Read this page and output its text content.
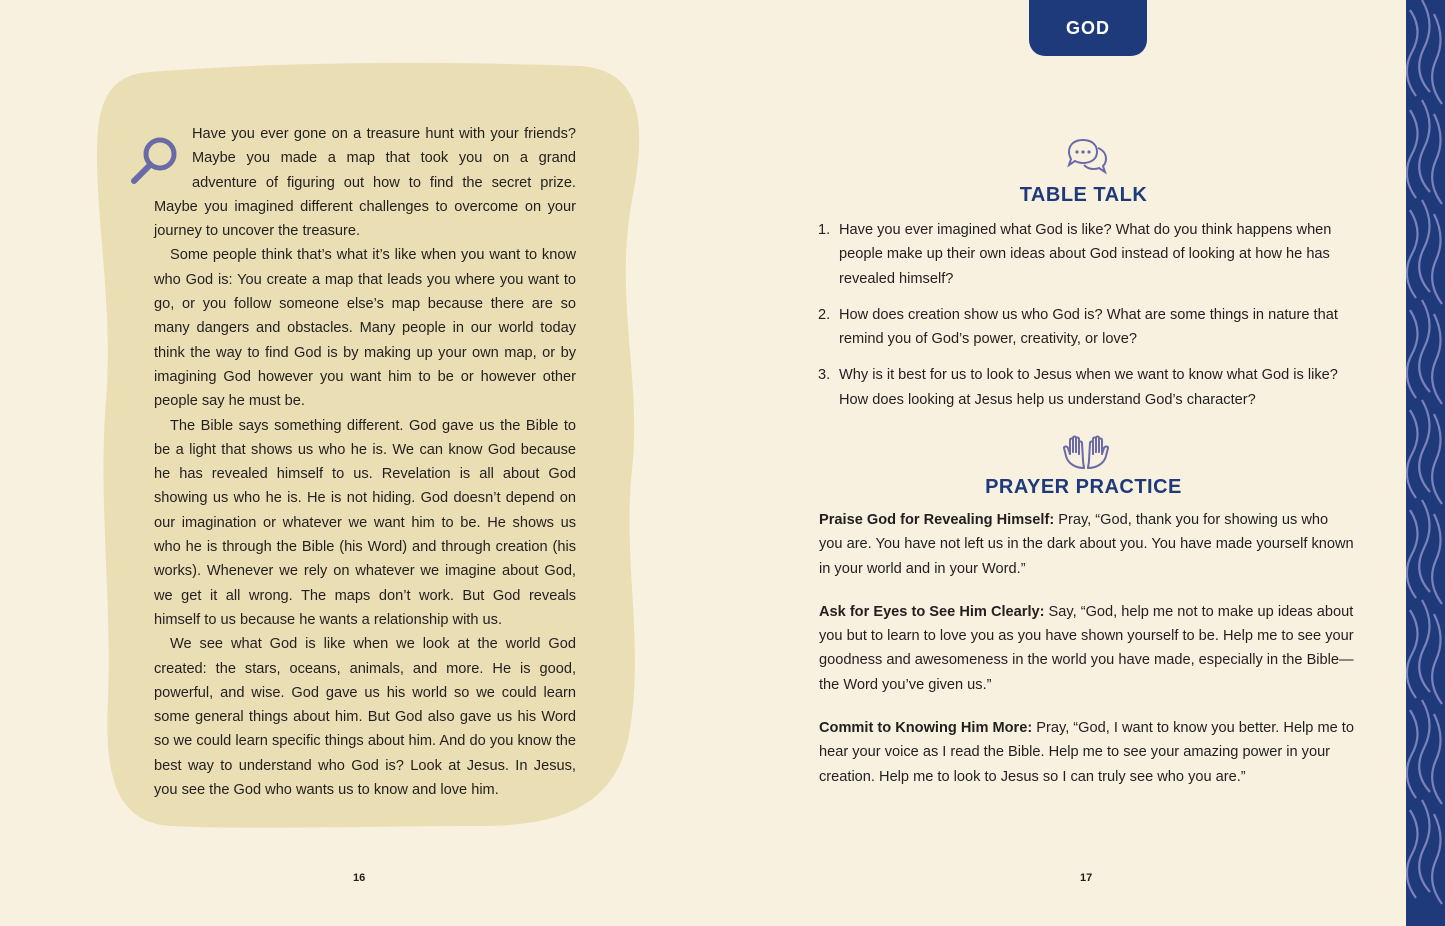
Have you ever gone on a treasure hunt with your friends? Maybe you made a map that took you on a grand adventure of figuring out how to find the secret prize. Maybe you imagined different challenges to overcome on your journey to uncover the treasure.

Some people think that’s what it’s like when you want to know who God is: You create a map that leads you where you want to go, or you follow someone else’s map because there are so many dangers and obstacles. Many people in our world today think the way to find God is by making up your own map, or by imagining God however you want him to be or however other people say he must be.

The Bible says something different. God gave us the Bible to be a light that shows us who he is. We can know God because he has revealed himself to us. Revelation is all about God showing us who he is. He is not hiding. God doesn’t depend on our imagination or whatever we want him to be. He shows us who he is through the Bible (his Word) and through creation (his works). Whenever we rely on whatever we imagine about God, we get it all wrong. The maps don’t work. But God reveals himself to us because he wants a relationship with us.

We see what God is like when we look at the world God created: the stars, oceans, animals, and more. He is good, powerful, and wise. God gave us his world so we could learn some general things about him. But God also gave us his Word so we could learn specific things about him. And do you know the best way to understand who God is? Look at Jesus. In Jesus, you see the God who wants us to know and love him.

16
GOD
TABLE TALK
1. Have you ever imagined what God is like? What do you think happens when people make up their own ideas about God instead of looking at how he has revealed himself?
2. How does creation show us who God is? What are some things in nature that remind you of God’s power, creativity, or love?
3. Why is it best for us to look to Jesus when we want to know what God is like? How does looking at Jesus help us understand God’s character?
PRAYER PRACTICE

Praise God for Revealing Himself: Pray, “God, thank you for showing us who you are. You have not left us in the dark about you. You have made yourself known in your world and in your Word.”

Ask for Eyes to See Him Clearly: Say, “God, help me not to make up ideas about you but to learn to love you as you have shown yourself to be. Help me to see your goodness and awesomeness in the world you have made, especially in the Bible—the Word you’ve given us.”

Commit to Knowing Him More: Pray, “God, I want to know you better. Help me to hear your voice as I read the Bible. Help me to see your amazing power in your creation. Help me to look to Jesus so I can truly see who you are.”

17
